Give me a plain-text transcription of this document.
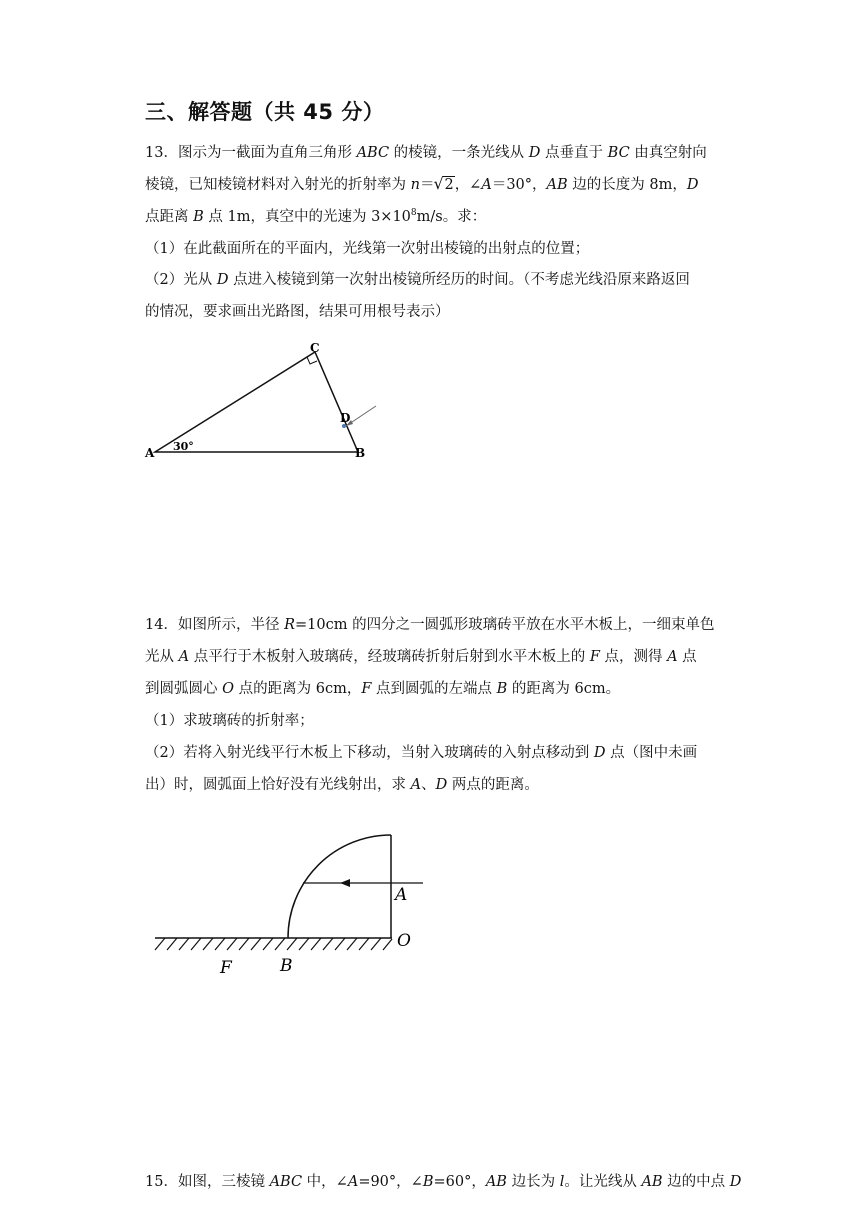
三、解答题（共 45 分）
13．图示为一截面为直角三角形 ABC 的棱镜，一条光线从 D 点垂直于 BC 由真空射向
棱镜，已知棱镜材料对入射光的折射率为 n＝√ 2，∠A＝30°，AB 边的长度为 8m，D
点距离 B 点 1m，真空中的光速为 $3\times 10^8m/s$。求：
（1）在此截面所在的平面内，光线第一次射出棱镜的出射点的位置；
（2）光从 D 点进入棱镜到第一次射出棱镜所经历的时间。（不考虑光线沿原来路返回
的情况，要求画出光路图，结果可用根号表示）
A	B
C
D
30°
14．如图所示，半径 R=10cm 的四分之一圆弧形玻璃砖平放在水平木板上，一细束单色
光从 A 点平行于木板射入玻璃砖，经玻璃砖折射后射到水平木板上的 F 点，测得 A 点
到圆弧圆心 O 点的距离为 6cm，F 点到圆弧的左端点 B 的距离为 6cm。
（1）求玻璃砖的折射率；
（2）若将入射光线平行木板上下移动，当射入玻璃砖的入射点移动到 D 点（图中未画
出）时，圆弧面上恰好没有光线射出，求 A、D 两点的距离。
A
O
F	B
15．如图，三棱镜 ABC 中，∠A=90°，∠B=60°，AB 边长为 l。让光线从 AB 边的中点 D
